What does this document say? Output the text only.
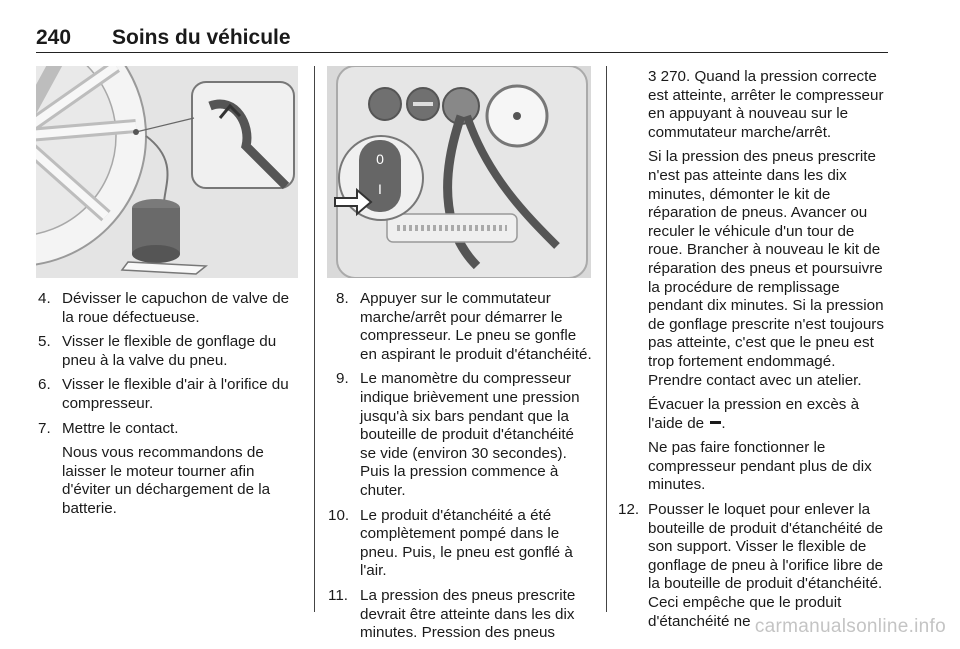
240 Soins du véhicule
0
I
4. Dévisser le capuchon de valve de la roue défectueuse.
5. Visser le flexible de gonflage du pneu à la valve du pneu.
6. Visser le flexible d'air à l'orifice du compresseur.
7. Mettre le contact.
Nous vous recommandons de laisser le moteur tourner afin d'éviter un déchargement de la batterie.
8. Appuyer sur le commutateur marche/arrêt pour démarrer le compresseur. Le pneu se gonfle en aspirant le produit d'étanchéité.
9. Le manomètre du compresseur indique brièvement une pression jusqu'à six bars pendant que la bouteille de produit d'étanchéité se vide (environ 30 secondes). Puis la pression commence à chuter.
10. Le produit d'étanchéité a été complètement pompé dans le pneu. Puis, le pneu est gonflé à l'air.
11. La pression des pneus prescrite devrait être atteinte dans les dix minutes. Pression des pneus
3 270. Quand la pression correcte est atteinte, arrêter le compresseur en appuyant à nouveau sur le commutateur marche/arrêt.
Si la pression des pneus prescrite n'est pas atteinte dans les dix minutes, démonter le kit de réparation de pneus. Avancer ou reculer le véhicule d'un tour de roue. Brancher à nouveau le kit de réparation des pneus et poursuivre la procédure de remplissage pendant dix minutes. Si la pression de gonflage prescrite n'est toujours pas atteinte, c'est que le pneu est trop fortement endommagé. Prendre contact avec un atelier.
Évacuer la pression en excès à l'aide de .
Ne pas faire fonctionner le compresseur pendant plus de dix minutes.
12. Pousser le loquet pour enlever la bouteille de produit d'étanchéité de son support. Visser le flexible de gonflage de pneu à l'orifice libre de la bouteille de produit d'étanchéité. Ceci empêche que le produit d'étanchéité ne carmanualsonline.info
